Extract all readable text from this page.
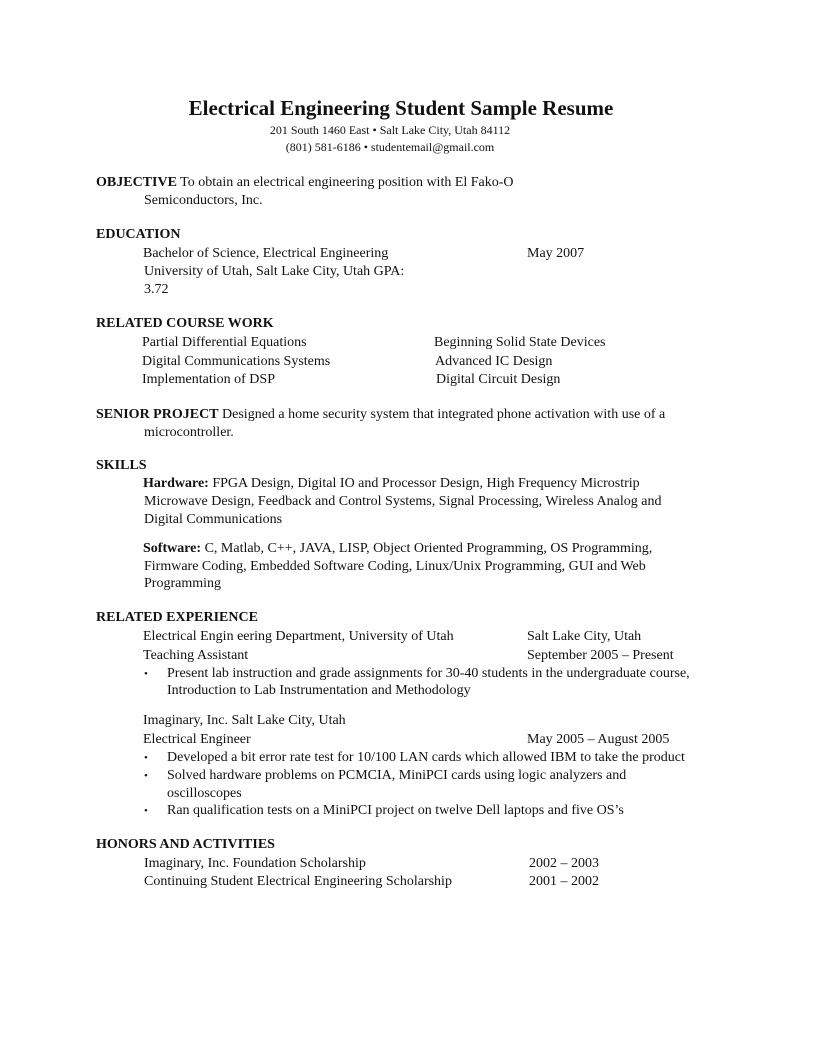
Electrical Engineering Student Sample Resume
201 South 1460 East • Salt Lake City, Utah 84112
(801) 581-6186 • studentemail@gmail.com
OBJECTIVE To obtain an electrical engineering position with El Fako-O
Semiconductors, Inc.
EDUCATION
Bachelor of Science, Electrical Engineering	May 2007
University of Utah, Salt Lake City, Utah GPA:
3.72
RELATED COURSE WORK
Partial Differential Equations	Beginning Solid State Devices
Digital Communications Systems	Advanced IC Design
Implementation of DSP	Digital Circuit Design
SENIOR PROJECT Designed a home security system that integrated phone activation with use of a
microcontroller.
SKILLS
Hardware: FPGA Design, Digital IO and Processor Design, High Frequency Microstrip
Microwave Design, Feedback and Control Systems, Signal Processing, Wireless Analog and
Digital Communications
Software: C, Matlab, C++, JAVA, LISP, Object Oriented Programming, OS Programming,
Firmware Coding, Embedded Software Coding, Linux/Unix Programming, GUI and Web
Programming
RELATED EXPERIENCE
Electrical Engin eering Department, University of Utah	Salt Lake City, Utah
Teaching Assistant	September 2005 – Present
• Present lab instruction and grade assignments for 30-40 students in the undergraduate course,
Introduction to Lab Instrumentation and Methodology
Imaginary, Inc. Salt Lake City, Utah
Electrical Engineer	May 2005 – August 2005
• Developed a bit error rate test for 10/100 LAN cards which allowed IBM to take the product
• Solved hardware problems on PCMCIA, MiniPCI cards using logic analyzers and
oscilloscopes
• Ran qualification tests on a MiniPCI project on twelve Dell laptops and five OS’s
HONORS AND ACTIVITIES
Imaginary, Inc. Foundation Scholarship	2002 – 2003
Continuing Student Electrical Engineering Scholarship	2001 – 2002
